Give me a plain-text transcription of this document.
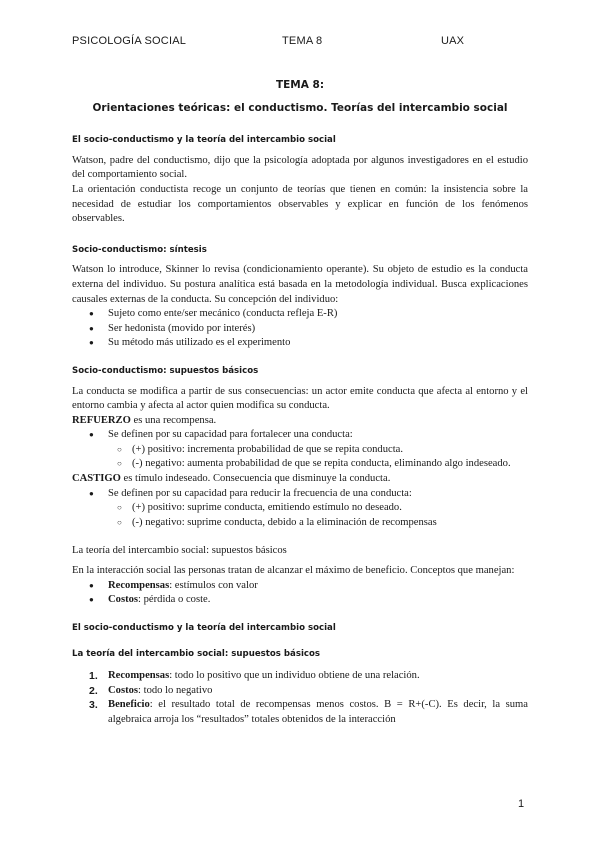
PSICOLOGÍA SOCIAL	TEMA 8	UAX

TEMA 8:

Orientaciones teóricas: el conductismo. Teorías del intercambio social

El socio-conductismo y la teoría del intercambio social

Watson, padre del conductismo, dijo que la psicología adoptada por algunos investigadores en el estudio del comportamiento social.

La orientación conductista recoge un conjunto de teorías que tienen en común: la insistencia sobre la necesidad de estudiar los comportamientos observables y explicar en función de los fenómenos observables.

Socio-conductismo: síntesis

Watson lo introduce, Skinner lo revisa (condicionamiento operante). Su objeto de estudio es la conducta externa del individuo. Su postura analítica está basada en la metodología individual. Busca explicaciones causales externas de la conducta. Su concepción del individuo:

● Sujeto como ente/ser mecánico (conducta refleja E-R)
● Ser hedonista (movido por interés)
● Su método más utilizado es el experimento

Socio-conductismo: supuestos básicos

La conducta se modifica a partir de sus consecuencias: un actor emite conducta que afecta al entorno y el entorno cambia y afecta al actor quien modifica su conducta.

REFUERZO es una recompensa.

● Se definen por su capacidad para fortalecer una conducta:
○ (+) positivo: incrementa probabilidad de que se repita conducta.
○ (-) negativo: aumenta probabilidad de que se repita conducta, eliminando algo indeseado.

CASTIGO es tímulo indeseado. Consecuencia que disminuye la conducta.

● Se definen por su capacidad para reducir la frecuencia de una conducta:
○ (+) positivo: suprime conducta, emitiendo estímulo no deseado.
○ (-) negativo: suprime conducta, debido a la eliminación de recompensas

La teoría del intercambio social: supuestos básicos

En la interacción social las personas tratan de alcanzar el máximo de beneficio. Conceptos que manejan:

● Recompensas: estímulos con valor
● Costos: pérdida o coste.

El socio-conductismo y la teoría del intercambio social

La teoría del intercambio social: supuestos básicos

1. Recompensas: todo lo positivo que un individuo obtiene de una relación.
2. Costos: todo lo negativo
3. Beneficio: el resultado total de recompensas menos costos. B = R+(-C). Es decir, la suma algebraica arroja los “resultados” totales obtenidos de la interacción
1
